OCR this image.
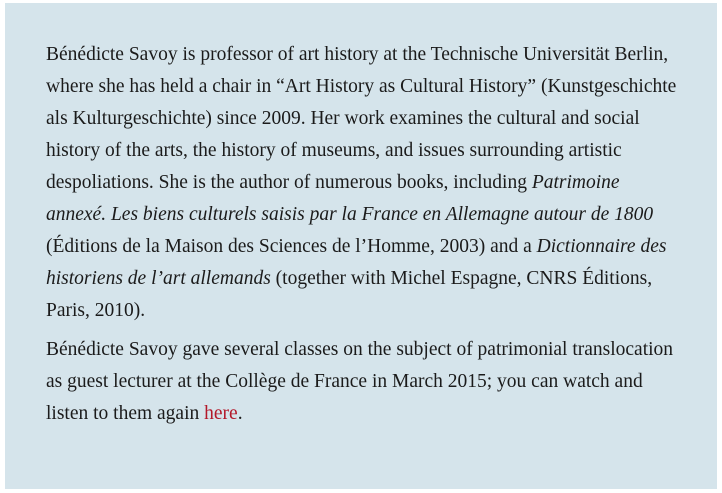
Bénédicte Savoy is professor of art history at the Technische Universität Berlin, where she has held a chair in “Art History as Cultural History” (Kunstgeschichte als Kulturgeschichte) since 2009. Her work examines the cultural and social history of the arts, the history of museums, and issues surrounding artistic despoliations. She is the author of numerous books, including Patrimoine annexé. Les biens culturels saisis par la France en Allemagne autour de 1800 (Éditions de la Maison des Sciences de l’Homme, 2003) and a Dictionnaire des historiens de l’art allemands (together with Michel Espagne, CNRS Éditions, Paris, 2010).

Bénédicte Savoy gave several classes on the subject of patrimonial translocation as guest lecturer at the Collège de France in March 2015; you can watch and listen to them again here.
